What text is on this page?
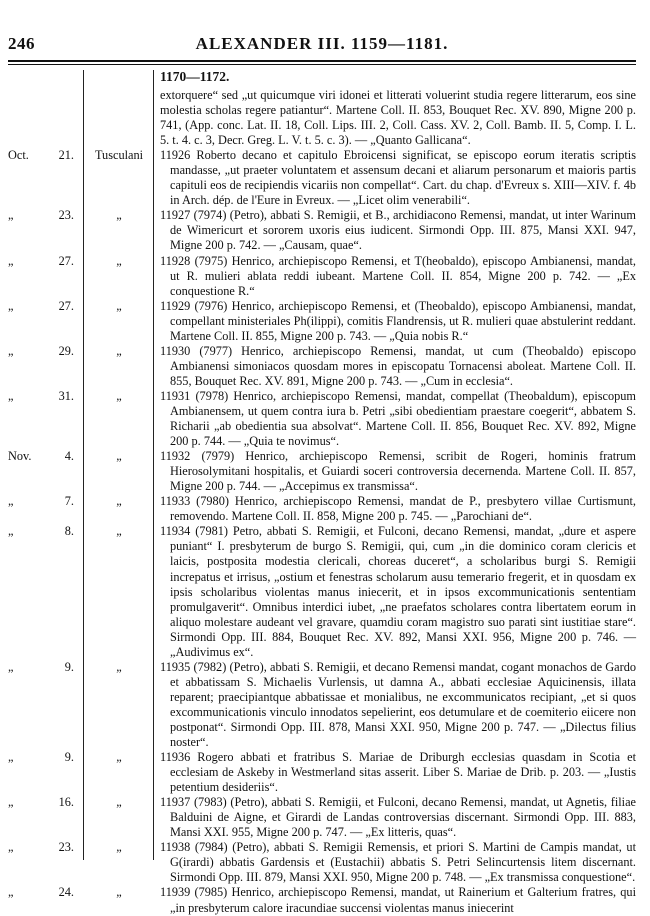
246	ALEXANDER III. 1159—1181.
1170—1172.
extorquere“ sed „ut quicumque viri idonei et litterati voluerint studia regere litterarum, eos sine molestia scholas regere patiantur“. Martene Coll. II. 853, Bouquet Rec. XV. 890, Migne 200 p. 741, (App. conc. Lat. II. 18, Coll. Lips. III. 2, Coll. Cass. XV. 2, Coll. Bamb. II. 5, Comp. I. L. 5. t. 4. c. 3, Decr. Greg. L. V. t. 5. c. 3). — „Quanto Gallicana“.
Oct. 21.	Tusculani	11926 Roberto decano et capitulo Ebroicensi significat, se episcopo eorum iteratis scriptis mandasse, „ut praeter voluntatem et assensum decani et aliarum personarum et maioris partis capituli eos de recipiendis vicariis non compellat“. Cart. du chap. d'Evreux s. XIII—XIV. f. 4b in Arch. dép. de l'Eure in Evreux. — „Licet olim venerabili“.
„	23.	„	11927 (7974) (Petro), abbati S. Remigii, et B., archidiacono Remensi, mandat, ut inter Warinum de Wimericurt et sororem uxoris eius iudicent. Sirmondi Opp. III. 875, Mansi XXI. 947, Migne 200 p. 742. — „Causam, quae“.
„	27.	„	11928 (7975) Henrico, archiepiscopo Remensi, et T(heobaldo), episcopo Ambianensi, mandat, ut R. mulieri ablata reddi iubeant. Martene Coll. II. 854, Migne 200 p. 742. — „Ex conquestione R.“
„	27.	„	11929 (7976) Henrico, archiepiscopo Remensi, et (Theobaldo), episcopo Ambianensi, mandat, compellant ministeriales Ph(ilippi), comitis Flandrensis, ut R. mulieri quae abstulerint reddant. Martene Coll. II. 855, Migne 200 p. 743. — „Quia nobis R.“
„	29.	„	11930 (7977) Henrico, archiepiscopo Remensi, mandat, ut cum (Theobaldo) episcopo Ambianensi simoniacos quosdam mores in episcopatu Tornacensi aboleat. Martene Coll. II. 855, Bouquet Rec. XV. 891, Migne 200 p. 743. — „Cum in ecclesia“.
„	31.	„	11931 (7978) Henrico, archiepiscopo Remensi, mandat, compellat (Theobaldum), episcopum Ambianensem, ut quem contra iura b. Petri „sibi obedientiam praestare coegerit“, abbatem S. Richarii „ab obedientia sua absolvat“. Martene Coll. II. 856, Bouquet Rec. XV. 892, Migne 200 p. 744. — „Quia te novimus“.
Nov.	4.	„	11932 (7979) Henrico, archiepiscopo Remensi, scribit de Rogeri, hominis fratrum Hierosolymitani hospitalis, et Guiardi soceri controversia decernenda. Martene Coll. II. 857, Migne 200 p. 744. — „Accepimus ex transmissa“.
„	7.	„	11933 (7980) Henrico, archiepiscopo Remensi, mandat de P., presbytero villae Curtismunt, removendo. Martene Coll. II. 858, Migne 200 p. 745. — „Parochiani de“.
„	8.	„	11934 (7981) Petro, abbati S. Remigii, et Fulconi, decano Remensi, mandat, „dure et aspere puniant“ I. presbyterum de burgo S. Remigii, qui, cum „in die dominico coram clericis et laicis, postposita modestia clericali, choreas duceret“, a scholaribus burgi S. Remigii increpatus et irrisus, „ostium et fenestras scholarum ausu temerario fregerit, et in quosdam ex ipsis scholaribus violentas manus iniecerit, et in ipsos excommunicationis sententiam promulgaverit“. Omnibus interdici iubet, „ne praefatos scholares contra libertatem eorum in aliquo molestare audeant vel gravare, quamdiu coram magistro suo parati sint iustitiae stare“. Sirmondi Opp. III. 884, Bouquet Rec. XV. 892, Mansi XXI. 956, Migne 200 p. 746. — „Audivimus ex“.
„	9.	„	11935 (7982) (Petro), abbati S. Remigii, et decano Remensi mandat, cogant monachos de Gardo et abbatissam S. Michaelis Vurlensis, ut damna A., abbati ecclesiae Aquicinensis, illata reparent; praecipiantque abbatissae et monialibus, ne excommunicatos recipiant, „et si quos excommunicationis vinculo innodatos sepelierint, eos detumulare et de coemiterio eiicere non postponat“. Sirmondi Opp. III. 878, Mansi XXI. 950, Migne 200 p. 747. — „Dilectus filius noster“.
„	9.	„	11936 Rogero abbati et fratribus S. Mariae de Driburgh ecclesias quasdam in Scotia et ecclesiam de Askeby in Westmerland sitas asserit. Liber S. Mariae de Drib. p. 203. — „Iustis petentium desideriis“.
„	16.	„	11937 (7983) (Petro), abbati S. Remigii, et Fulconi, decano Remensi, mandat, ut Agnetis, filiae Balduini de Aigne, et Girardi de Landas controversias discernant. Sirmondi Opp. III. 883, Mansi XXI. 955, Migne 200 p. 747. — „Ex litteris, quas“.
„	23.	„	11938 (7984) (Petro), abbati S. Remigii Remensis, et priori S. Martini de Campis mandat, ut G(irardi) abbatis Gardensis et (Eustachii) abbatis S. Petri Selincurtensis litem discernant. Sirmondi Opp. III. 879, Mansi XXI. 950, Migne 200 p. 748. — „Ex transmissa conquestione“.
„	24.	„	11939 (7985) Henrico, archiepiscopo Remensi, mandat, ut Rainerium et Galterium fratres, qui „in presbyterum calore iracundiae succensi violentas manus iniecerint
